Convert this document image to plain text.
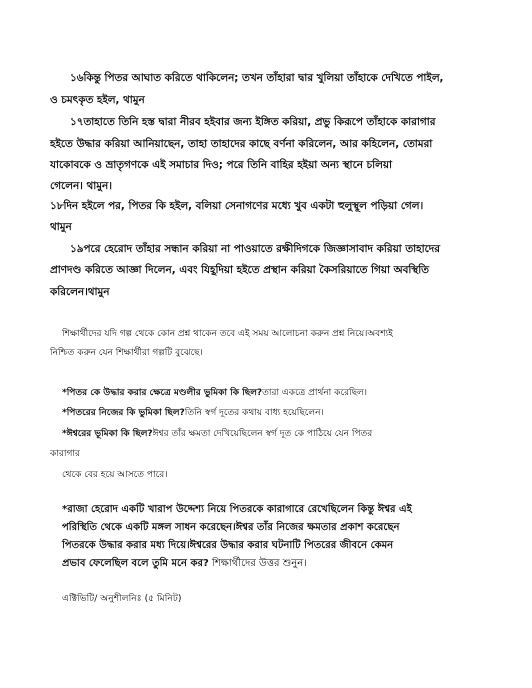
১৬কিন্তু পিতর আঘাত করিতে থাকিলেন; তখন তাঁহারা দ্বার খুলিয়া তাঁহাকে দেখিতে পাইল,

ও চমৎকৃত হইল, থামুন

১৭তাহাতে তিনি হস্ত দ্বারা নীরব হইবার জন্য ইঙ্গিত করিয়া, প্রভু কিরূপে তাঁহাকে কারাগার

হইতে উদ্ধার করিয়া আনিয়াছেন, তাহা তাহাদের কাছে বর্ণনা করিলেন, আর কহিলেন, তোমরা

যাকোবকে ও ভ্রাতৃগণকে এই সমাচার দিও; পরে তিনি বাহির হইয়া অন্য স্থানে চলিয়া

গেলেন। থামুন।

১৮দিন হইলে পর, পিতর কি হইল, বলিয়া সেনাগণের মধ্যে খুব একটা হুলুস্থূল পড়িয়া গেল।

থামুন

১৯পরে হেরোদ তাঁহার সন্ধান করিয়া না পাওয়াতে রক্ষীদিগকে জিজ্ঞাসাবাদ করিয়া তাহাদের

প্রাণদণ্ড করিতে আজ্ঞা দিলেন, এবং যিহূদিয়া হইতে প্রস্থান করিয়া কৈসরিয়াতে গিয়া অবস্থিতি

করিলেন।থামুন

শিক্ষার্থীদের যদি গল্প থেকে কোন প্রশ্ন থাকেন তবে এই সময় আলোচনা করুন প্রশ্ন নিয়ে।অবশ্যই

নিশ্চিত করুন যেন শিক্ষার্থীরা গল্পটি বুঝেছে।

*পিতর কে উদ্ধার করার ক্ষেত্রে মণ্ডলীর ভুমিকা কি ছিল?তারা একত্রে প্রার্থনা করেছিল।

*পিতরের নিজের কি ভুমিকা ছিল?তিনি স্বর্গ দূতের কথায় বাধ্য হয়েছিলেন।

*ঈশ্বরের ভূমিকা কি ছিল?ঈশ্বর তাঁর ক্ষমতা দেখিয়েছিলেন স্বর্গ দূত কে পাঠিয়ে যেন পিতর

কারাগার

থেকে বের হয়ে আসতে পারে।

*রাজা হেরোদ একটি খারাপ উদ্দেশ্য নিয়ে পিতরকে কারাগারে রেখেছিলেন কিন্তু ঈশ্বর এই

পরিস্থিতি থেকে একটি মঙ্গল সাধন করেছেন।ঈশ্বর তাঁর নিজের ক্ষমতার প্রকাশ করেছেন

পিতরকে উদ্ধার করার মধ্য দিয়ে।ঈশ্বরের উদ্ধার করার ঘটনাটি পিতরের জীবনে কেমন

প্রভাব ফেলেছিল বলে তুমি মনে কর? শিক্ষার্থীদের উত্তর শুনুন।

এক্টিভিটি/ অনুশীলনিঃ (৫ মিনিট)
